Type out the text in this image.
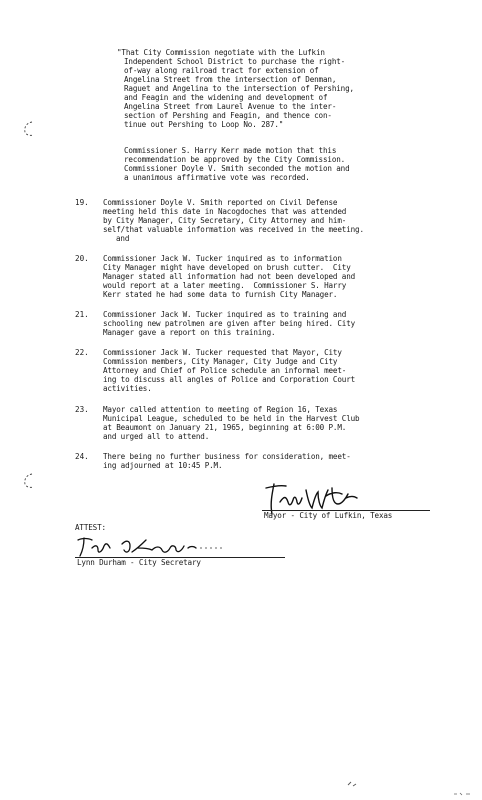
"That City Commission negotiate with the Lufkin
Independent School District to purchase the right-
of-way along railroad tract for extension of
Angelina Street from the intersection of Denman,
Raguet and Angelina to the intersection of Pershing,
and Feagin and the widening and development of
Angelina Street from Laurel Avenue to the inter-
section of Pershing and Feagin, and thence con-
tinue out Pershing to Loop No. 287."
Commissioner S. Harry Kerr made motion that this
recommendation be approved by the City Commission.
Commissioner Doyle V. Smith seconded the motion and
a unanimous affirmative vote was recorded.
19. Commissioner Doyle V. Smith reported on Civil Defense
meeting held this date in Nacogdoches that was attended
by City Manager, City Secretary, City Attorney and him-
self/that valuable information was received in the meeting.
and
20. Commissioner Jack W. Tucker inquired as to information
City Manager might have developed on brush cutter.  City
Manager stated all information had not been developed and
would report at a later meeting.  Commissioner S. Harry
Kerr stated he had some data to furnish City Manager.
21. Commissioner Jack W. Tucker inquired as to training and
schooling new patrolmen are given after being hired. City
Manager gave a report on this training.
22. Commissioner Jack W. Tucker requested that Mayor, City
Commission members, City Manager, City Judge and City
Attorney and Chief of Police schedule an informal meet-
ing to discuss all angles of Police and Corporation Court
activities.
23. Mayor called attention to meeting of Region 16, Texas
Municipal League, scheduled to be held in the Harvest Club
at Beaumont on January 21, 1965, beginning at 6:00 P.M.
and urged all to attend.
24. There being no further business for consideration, meet-
ing adjourned at 10:45 P.M.
Mayor - City of Lufkin, Texas
ATTEST:
Lynn Durham - City Secretary
